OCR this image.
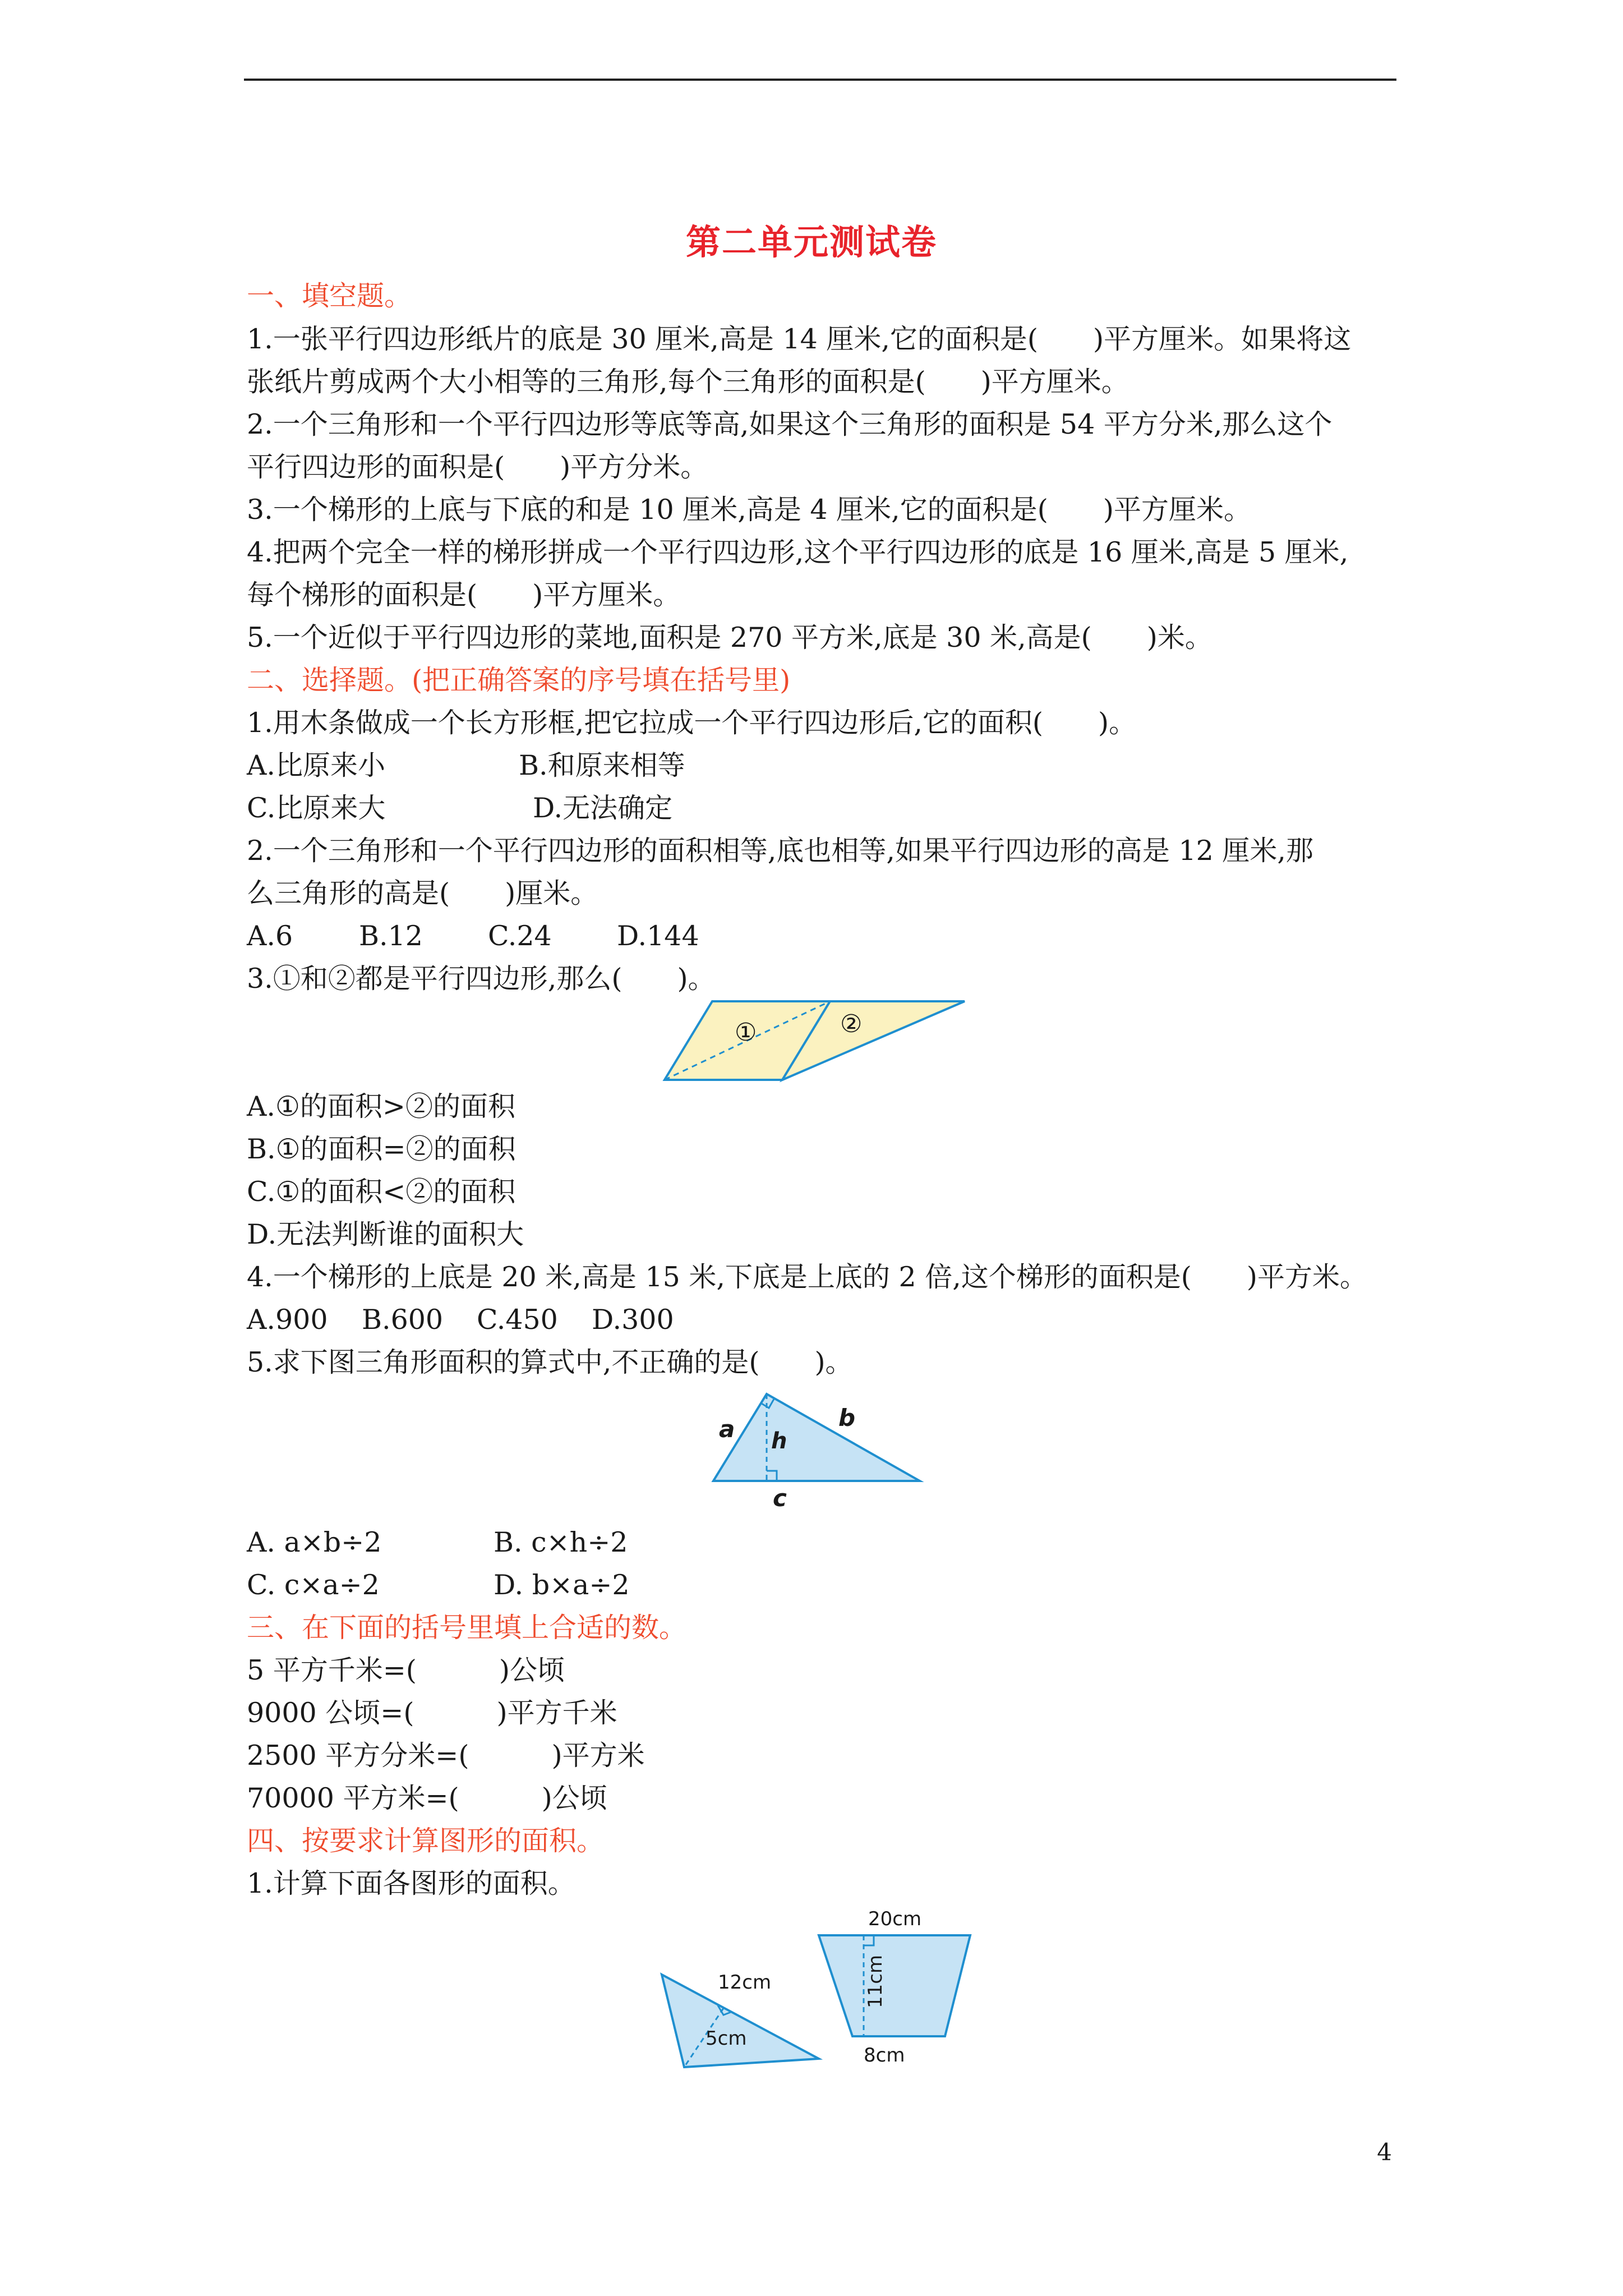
第二单元测试卷
一、填空题。
1.一张平行四边形纸片的底是 30 厘米,高是 14 厘米,它的面积是(　　)平方厘米。如果将这
张纸片剪成两个大小相等的三角形,每个三角形的面积是(　　)平方厘米。
2.一个三角形和一个平行四边形等底等高,如果这个三角形的面积是 54 平方分米,那么这个
平行四边形的面积是(　　)平方分米。
3.一个梯形的上底与下底的和是 10 厘米,高是 4 厘米,它的面积是(　　)平方厘米。
4.把两个完全一样的梯形拼成一个平行四边形,这个平行四边形的底是 16 厘米,高是 5 厘米,
每个梯形的面积是(　　)平方厘米。
5.一个近似于平行四边形的菜地,面积是 270 平方米,底是 30 米,高是(　　)米。
二、选择题。(把正确答案的序号填在括号里)
1.用木条做成一个长方形框,把它拉成一个平行四边形后,它的面积(　　)。
A.比原来小	B.和原来相等
C.比原来大	D.无法确定
2.一个三角形和一个平行四边形的面积相等,底也相等,如果平行四边形的高是 12 厘米,那
么三角形的高是(　　)厘米。
A.6 B.12 C.24 D.144
3.①和②都是平行四边形,那么(　　)。
①	②
A.①的面积>②的面积
B.①的面积=②的面积
C.①的面积<②的面积
D.无法判断谁的面积大
4.一个梯形的上底是 20 米,高是 15 米,下底是上底的 2 倍,这个梯形的面积是(　　)平方米。
A.900 B.600 C.450 D.300
5.求下图三角形面积的算式中,不正确的是(　　)。
a	b
h
c
A. a×b÷2	B. c×h÷2
C. c×a÷2	D. b×a÷2
三、在下面的括号里填上合适的数。
5 平方千米=(　　　)公顷
9000 公顷=(　　　)平方千米
2500 平方分米=(　　　)平方米
70000 平方米=(　　　)公顷
四、按要求计算图形的面积。
1.计算下面各图形的面积。
12cm
5cm
20cm
11cm
8cm
4
